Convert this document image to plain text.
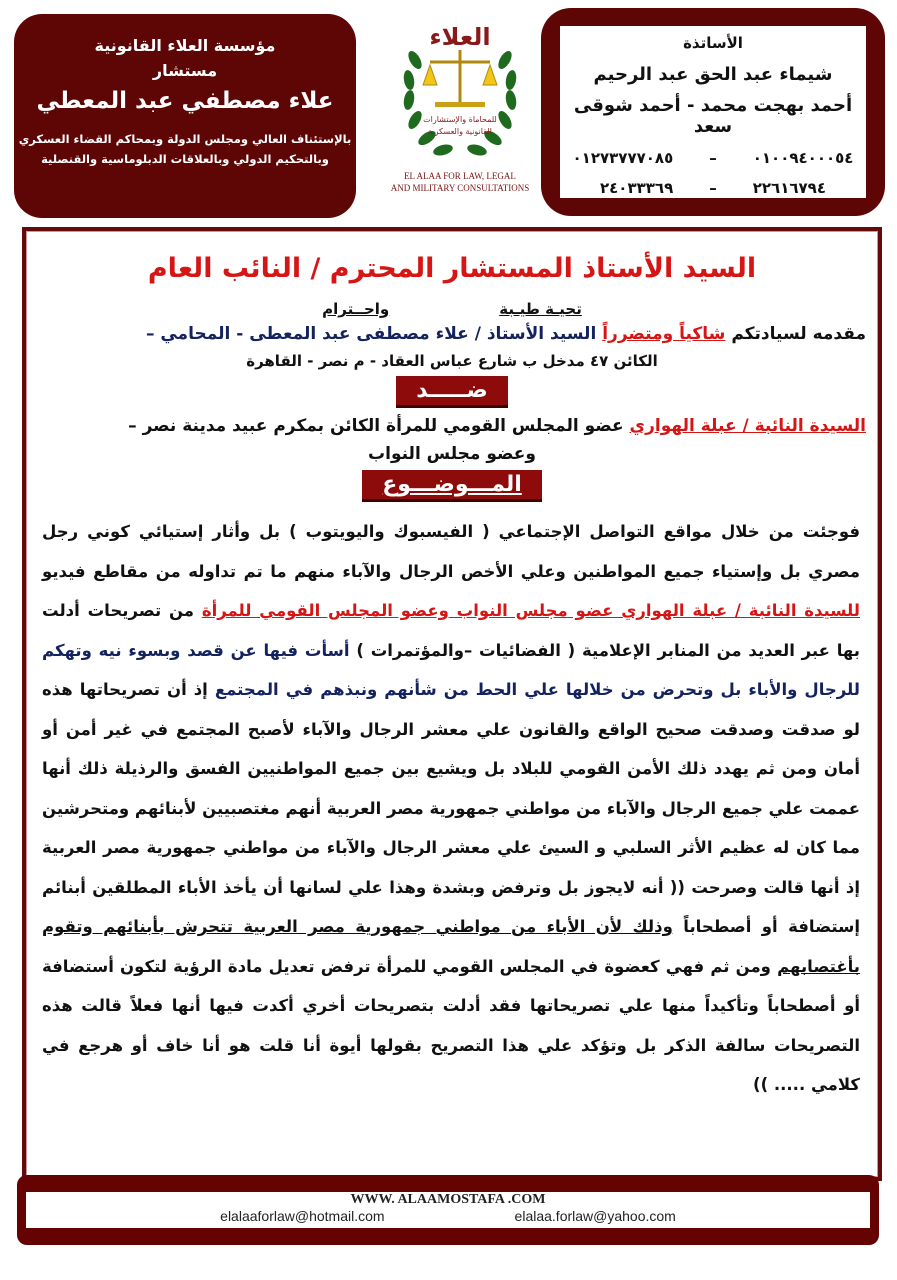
مؤسسة العلاء القانونية
مستشار
علاء مصطفي عبد المعطي
بالإستئناف العالي ومجلس الدولة وبمحاكم القضاء العسكري
وبالتحكيم الدولي وبالعلاقات الدبلوماسية والقنصلية
العلاء
للمحاماة والإستشارات
القانونية والعسكرية
EL ALAA FOR LAW, LEGAL
AND MILITARY CONSULTATIONS
الأساتذة
شيماء عبد الحق عبد الرحيم
أحمد بهجت محمد - أحمد شوقى سعد
٠١٢٧٣٧٧٧٠٨٥ – ٠١٠٠٩٤٠٠٠٥٤
٢٤٠٣٣٣٦٩ – ٢٢٦١٦٧٩٤
السيد الأستاذ المستشار المحترم / النائب العام
تحيـة طيـبة
واحــترام
مقدمه لسيادتكم شاكياً ومتضرراً السيد الأستاذ / علاء مصطفى عبد المعطى - المحامي –
الكائن ٤٧ مدخل ب شارع عباس العقاد - م نصر - القاهرة
ضـــــد
السيدة النائبة / عبلة الهواري عضو المجلس القومي للمرأة الكائن بمكرم عبيد مدينة نصر –
وعضو مجلس النواب
المـــوضـــوع
فوجئت من خلال مواقع التواصل الإجتماعي ( الفيسبوك واليويتوب ) بل وأثار إستيائي كوني رجل مصري بل وإستياء جميع المواطنين وعلي الأخص الرجال والآباء منهم ما تم تداوله من مقاطع فيديو للسيدة النائبة / عبلة الهواري عضو مجلس النواب وعضو المجلس القومي للمرأة من تصريحات أدلت بها عبر العديد من المنابر الإعلامية ( الفضائيات –والمؤتمرات ) أسأت فيها عن قصد وبسوء نيه وتهكم للرجال والأباء بل وتحرض من خلالها علي الحط من شأنهم ونبذهم في المجتمع إذ أن تصريحاتها هذه لو صدقت وصدقت صحيح الواقع والقانون علي معشر الرجال والآباء لأصبح المجتمع في غير أمن أو أمان ومن ثم يهدد ذلك الأمن القومي للبلاد بل ويشيع بين جميع المواطنيين الفسق والرذيلة ذلك أنها عممت علي جميع الرجال والآباء من مواطني جمهورية مصر العربية أنهم مغتصبيين لأبنائهم ومتحرشين مما كان له عظيم الأثر السلبي و السيئ علي معشر الرجال والآباء من مواطني جمهورية مصر العربية إذ أنها قالت وصرحت (( أنه لايجوز بل وترفض وبشدة وهذا علي لسانها أن يأخذ الأباء المطلقين أبنائم إستضافة أو أصطحاباً وذلك لأن الأباء من مواطني جمهورية مصر العربية تتحرش بأبنائهم وتقوم بأغتصابهم ومن ثم فهي كعضوة في المجلس القومي للمرأة ترفض تعديل مادة الرؤية لتكون أستضافة أو أصطحاباً وتأكيداً منها علي تصريحاتها فقد أدلت بتصريحات أخري أكدت فيها أنها فعلاً قالت هذه التصريحات سالفة الذكر بل وتؤكد علي هذا التصريح بقولها أيوة أنا قلت هو أنا خاف أو هرجع في كلامي ..... ))
WWW. ALAAMOSTAFA .COM
elalaaforlaw@hotmail.com	elalaa.forlaw@yahoo.com
